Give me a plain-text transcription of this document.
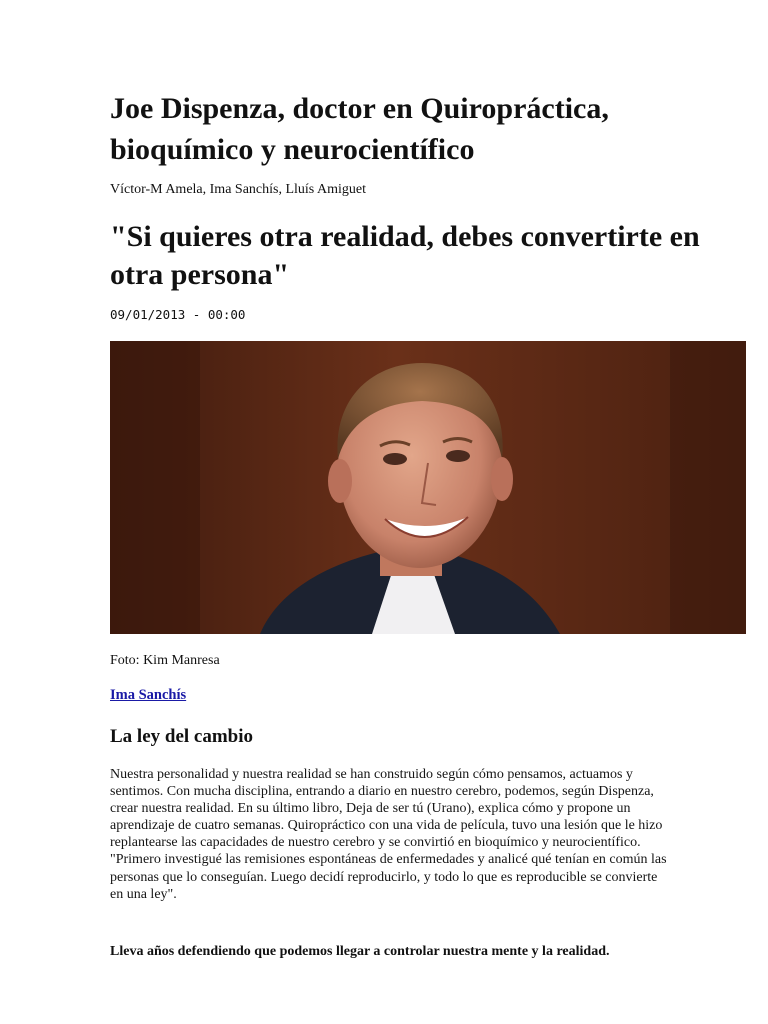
Joe Dispenza, doctor en Quiropráctica, bioquímico y neurocientífico

Víctor-M Amela, Ima Sanchís, Lluís Amiguet

"Si quieres otra realidad, debes convertirte en otra persona"

09/01/2013 - 00:00

Foto: Kim Manresa

Ima Sanchís
La ley del cambio

Nuestra personalidad y nuestra realidad se han construido según cómo pensamos, actuamos y sentimos. Con mucha disciplina, entrando a diario en nuestro cerebro, podemos, según Dispenza, crear nuestra realidad. En su último libro, Deja de ser tú (Urano), explica cómo y propone un aprendizaje de cuatro semanas. Quiropráctico con una vida de película, tuvo una lesión que le hizo replantearse las capacidades de nuestro cerebro y se convirtió en bioquímico y neurocientífico. "Primero investigué las remisiones espontáneas de enfermedades y analicé qué tenían en común las personas que lo conseguían. Luego decidí reproducirlo, y todo lo que es reproducible se convierte en una ley".

Lleva años defendiendo que podemos llegar a controlar nuestra mente y la realidad.
